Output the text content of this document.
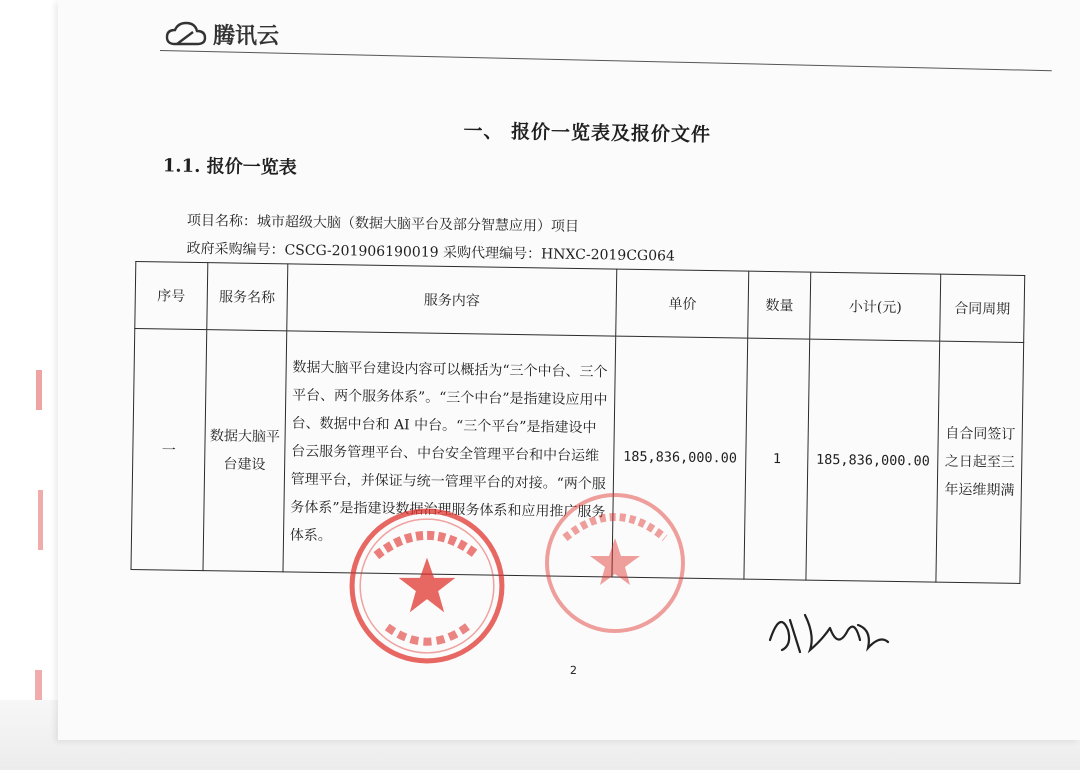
腾讯云
一、 报价一览表及报价文件
1.1. 报价一览表
项目名称：城市超级大脑（数据大脑平台及部分智慧应用）项目
政府采购编号：CSCG-201906190019 采购代理编号：HNXC-2019CG064
序号	服务名称	服务内容	单价	数量	小计(元)	合同周期
一	数据大脑平台建设	数据大脑平台建设内容可以概括为“三个中台、三个平台、两个服务体系”。“三个中台”是指建设应用中台、数据中台和 AI 中台。“三个平台”是指建设中台云服务管理平台、中台安全管理平台和中台运维管理平台，并保证与统一管理平台的对接。“两个服务体系”是指建设数据治理服务体系和应用推广服务体系。	185,836,000.00	1	185,836,000.00	自合同签订之日起至三年运维期满
2
